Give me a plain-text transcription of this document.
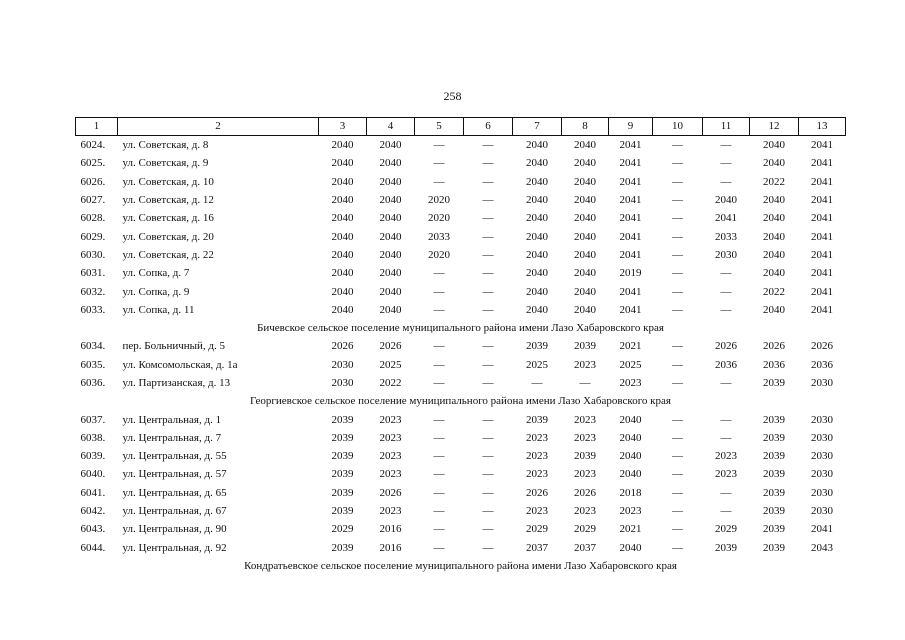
258
1	2	3	4	5	6	7	8	9	10	11	12	13
6024.	ул. Советская, д. 8	2040	2040	—	—	2040	2040	2041	—	—	2040	2041
6025.	ул. Советская, д. 9	2040	2040	—	—	2040	2040	2041	—	—	2040	2041
6026.	ул. Советская, д. 10	2040	2040	—	—	2040	2040	2041	—	—	2022	2041
6027.	ул. Советская, д. 12	2040	2040	2020	—	2040	2040	2041	—	2040	2040	2041
6028.	ул. Советская, д. 16	2040	2040	2020	—	2040	2040	2041	—	2041	2040	2041
6029.	ул. Советская, д. 20	2040	2040	2033	—	2040	2040	2041	—	2033	2040	2041
6030.	ул. Советская, д. 22	2040	2040	2020	—	2040	2040	2041	—	2030	2040	2041
6031.	ул. Сопка, д. 7	2040	2040	—	—	2040	2040	2019	—	—	2040	2041
6032.	ул. Сопка, д. 9	2040	2040	—	—	2040	2040	2041	—	—	2022	2041
6033.	ул. Сопка, д. 11	2040	2040	—	—	2040	2040	2041	—	—	2040	2041
Бичевское сельское поселение муниципального района имени Лазо Хабаровского края												
6034.	пер. Больничный, д. 5	2026	2026	—	—	2039	2039	2021	—	2026	2026	2026
6035.	ул. Комсомольская, д. 1а	2030	2025	—	—	2025	2023	2025	—	2036	2036	2036
6036.	ул. Партизанская, д. 13	2030	2022	—	—	—	—	2023	—	—	2039	2030
Георгиевское сельское поселение муниципального района имени Лазо Хабаровского края												
6037.	ул. Центральная, д. 1	2039	2023	—	—	2039	2023	2040	—	—	2039	2030
6038.	ул. Центральная, д. 7	2039	2023	—	—	2023	2023	2040	—	—	2039	2030
6039.	ул. Центральная, д. 55	2039	2023	—	—	2023	2039	2040	—	2023	2039	2030
6040.	ул. Центральная, д. 57	2039	2023	—	—	2023	2023	2040	—	2023	2039	2030
6041.	ул. Центральная, д. 65	2039	2026	—	—	2026	2026	2018	—	—	2039	2030
6042.	ул. Центральная, д. 67	2039	2023	—	—	2023	2023	2023	—	—	2039	2030
6043.	ул. Центральная, д. 90	2029	2016	—	—	2029	2029	2021	—	2029	2039	2041
6044.	ул. Центральная, д. 92	2039	2016	—	—	2037	2037	2040	—	2039	2039	2043
Кондратьевское сельское поселение муниципального района имени Лазо Хабаровского края												
